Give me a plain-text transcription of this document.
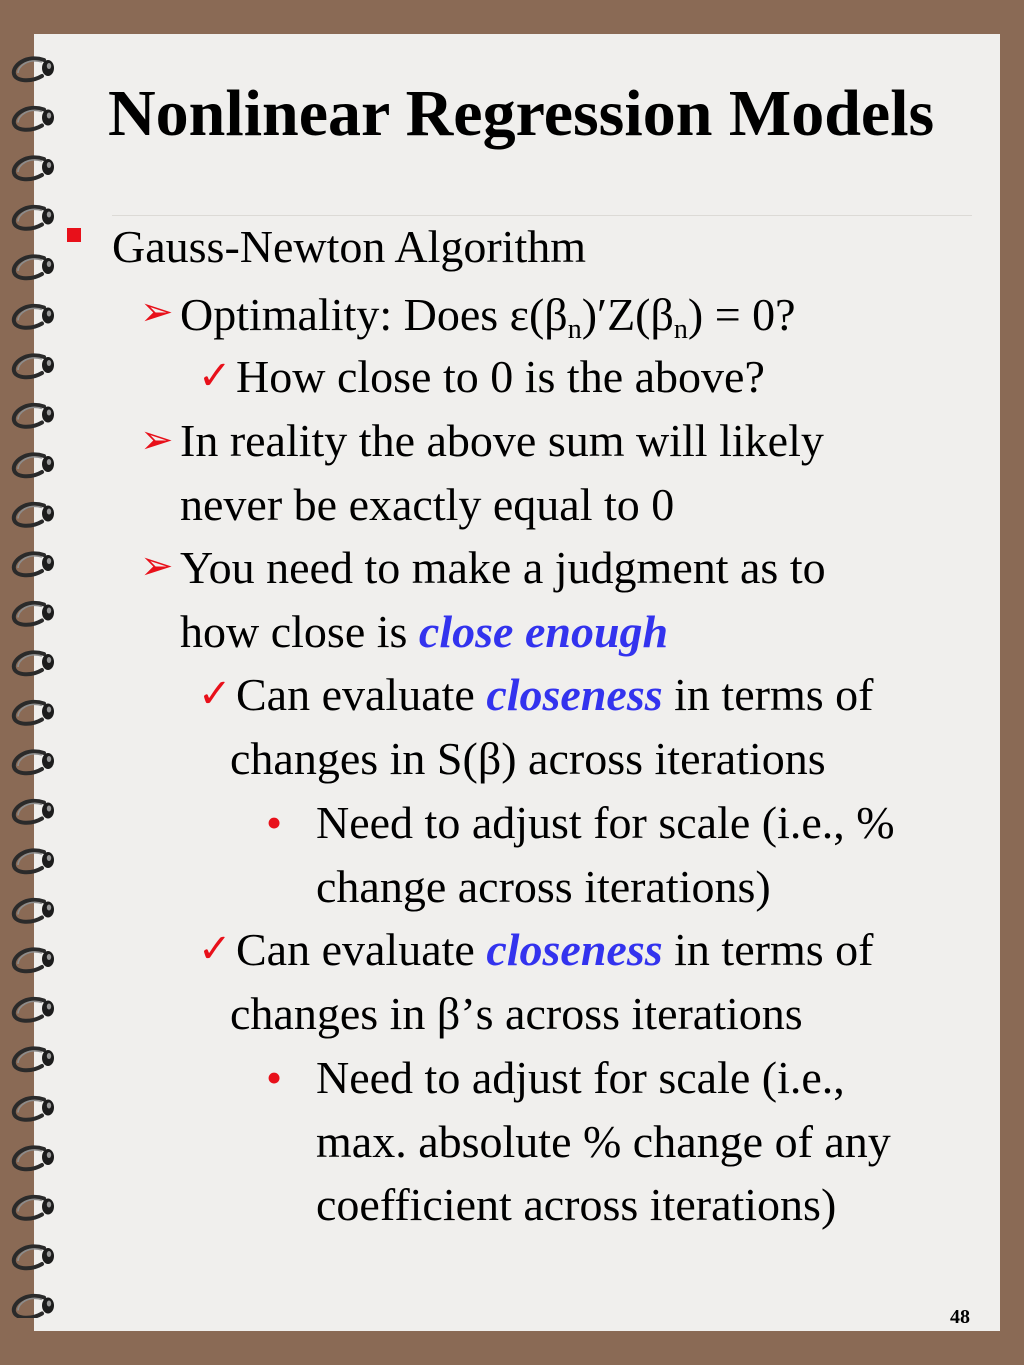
Nonlinear Regression Models
Gauss-Newton Algorithm
➢ Optimality: Does $\varepsilon(\beta_n)'Z(\beta_n) = 0$?
✓ How close to 0 is the above?
➢ In reality the above sum will likely
never be exactly equal to 0
➢ You need to make a judgment as to
how close is close enough
✓ Can evaluate closeness in terms of
changes in S(β) across iterations
• Need to adjust for scale (i.e., %
change across iterations)
✓ Can evaluate closeness in terms of
changes in β’s across iterations
• Need to adjust for scale (i.e.,
max. absolute % change of any
coefficient across iterations)
48
